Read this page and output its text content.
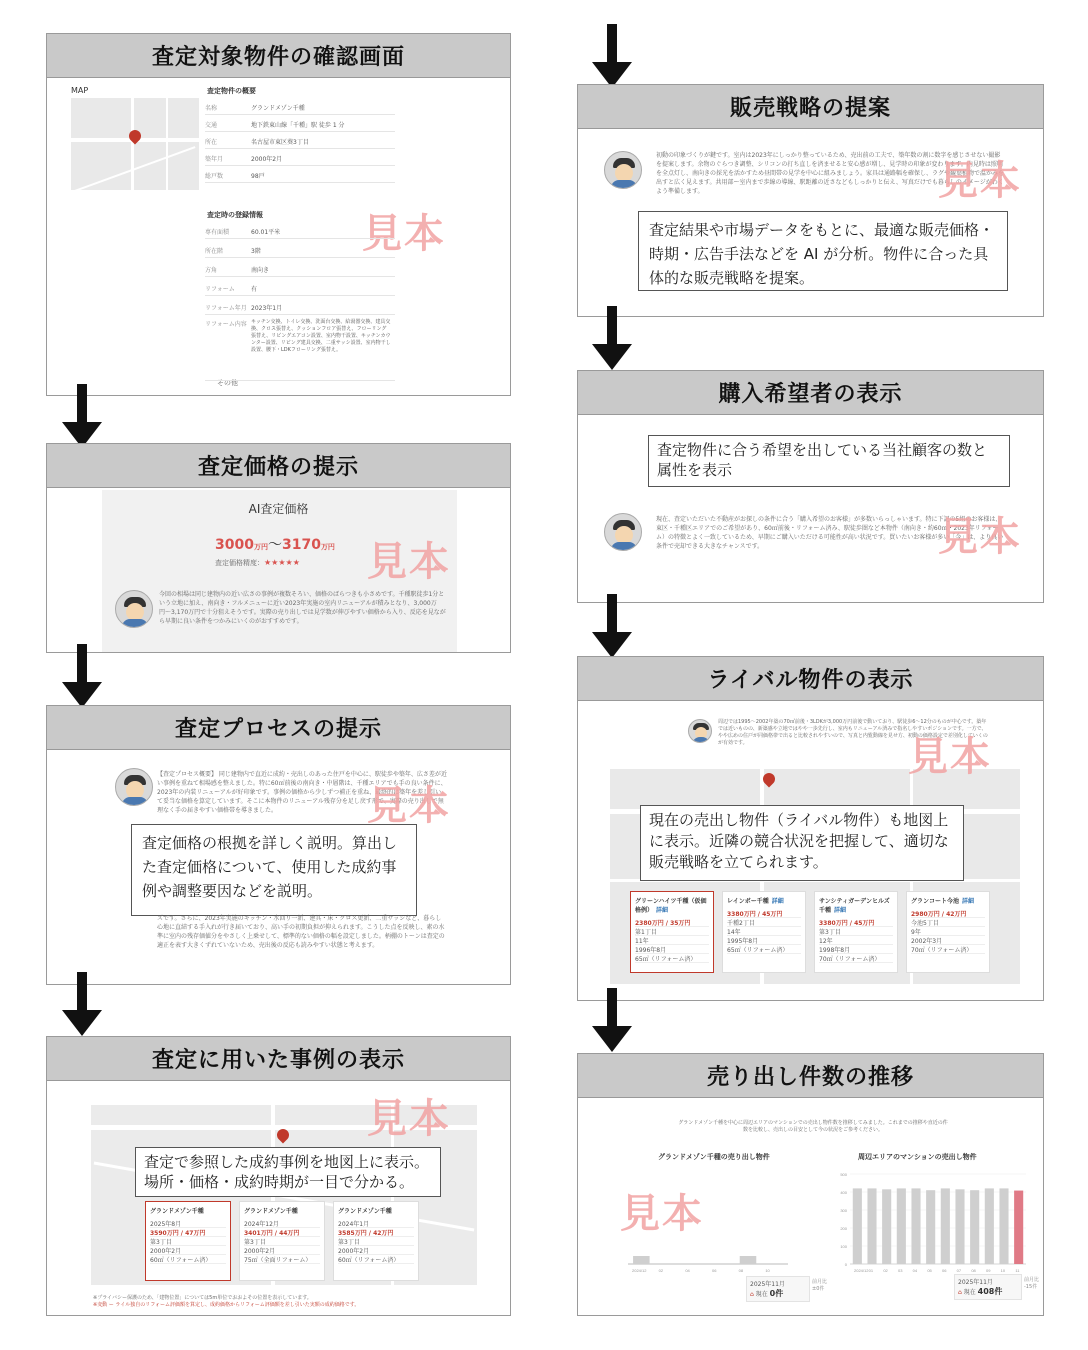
査定対象物件の確認画面
MAP	査定物件の概要
査定時の登録情報
その他
見本
名称	グランドメゾン千種
交通	地下鉄東山線「千種」駅 徒歩 1 分
所在	名古屋市東区葵3丁目
築年月	2000年2月
総戸数	98戸
専有面積	60.01平米
所在階	3階
方角	南向き
リフォーム	有
リフォーム年月 2023年1月
リフォーム内容 キッチン交換、トイレ交換、洗面台交換、給湯器交換、建具交換、クロス張替え、クッションフロア張替え、フローリング張替え、リビングエアコン設置、室内物干設置、キッチンカウンター設置、リビング建具交換、二重サッシ設置、室内物干し設置、腰下・LDKフローリング張替え。
査定価格の提示
AI査定価格
3000万円〜3170万円
査定価格精度：★★★★★
今回の相場は同じ建物内の近い広さの事例が複数そろい、価格のばらつきも小さめです。千種駅徒歩1分という立地に加え、南向き・フルメニューに近い2023年実施の室内リニューアルが積みとなり、3,000万円〜3,170万円で十分狙えそうです。実際の売り出しでは見学数が伸びやすい価格から入り、反応を見ながら早期に良い条件をつかみにいくのがおすすめです。
見本
査定プロセスの提示
【査定プロセス概要】 同じ建物内で直近に成約・売出しのあった住戸を中心に、駅徒歩や築年、広さ差が近い事例を重ねて相場感を整えました。特に60㎡前後の南向き・中層階は、千種エリアでも手の良い条件に、2023年の内装リニューアルが好印象です。事例の価格から少しずつ補正を重ね、最終的に築年を差し引いて妥当な価格を算定しています。そこに本物件のリニューアル残存分を足し戻す形で、実際の売り出しで無理なく手の届きやすい価格帯を導きました。
査定価格の根拠を詳しく説明。算出した査定価格について、使用した成約事例や調整要因などを説明。
ズです。さらに、2023年実施のキッチン・水回り一新、建具・床・クロス更新、二重サッシなど、暮らし心地に直結する手入れが行き届いており、高い手の初期負担が抑えられます。こうした点を反映し、素の水準に室内の残存価値分をやさしく上乗せして、標準的ない価格の幅を設定しました。柄棚のトーンは査定の適正を表す大きくずれていないため、売出後の反応も読みやすい状態と考えます。
見本
査定に用いた事例の表示
査定で参照した成約事例を地図上に表示。場所・価格・成約時期が一目で分かる。
※プライバシー保護のため、「建物位置」については5m単位でおおよその位置を表示しています。
※変動 ー ライル独自のリフォーム評価額を算定し、成約価格からリフォーム評価額を差し引いた実額の成約価格です。
見本
グランドメゾン千種
2025年8月
3590万円 / 47万円
第3丁目
2000年2月
60㎡（リフォーム済）
グランドメゾン千種
2024年12月
3401万円 / 44万円
第3丁目
2000年2月
75㎡（全面リフォーム）
グランドメゾン千種
2024年1月
3585万円 / 42万円
第3丁目
2000年2月
60㎡（リフォーム済）
販売戦略の提案
初動の印象づくりが鍵です。室内は2023年にしっかり整っているため、売出前の工夫で、築年数の割に数字を感じさせない撮影を提案します。余物のぐらつき調整、シリコンの打ち直しを済ませると安心感が増し、見学時の印象が変わります。内見時は照明を全点灯し、南向きの採光を活かすため昼間帯の見学を中心に組みましょう。家具は通路幅を確保し、ラグや観葉植物で温かみを出すと広く見えます。共用部ー室内まで歩線の導線、駅距離の近さなどもしっかりと伝え、写真だけでも暮らしのイメージがわくよう準備します。
査定結果や市場データをもとに、最適な販売価格・時期・広告手法などを AI が分析。物件に合った具体的な販売戦略を提案。
見本
購入希望者の表示
査定物件に合う希望を出している当社顧客の数と属性を表示
現在、査定いただいた不動産がお探しの条件に合う「購入希望のお客様」が多数いらっしゃいます。特に下記の5組のお客様は、東区・千種区エリアでのご希望があり、60㎡前後・リフォーム済み、駅徒歩圏など本物件（南向き・約60㎡・2023年リフォーム）の特徴とよく一致しているため、早期にご購入いただける可能性が高い状況です。買いたいお客様が多い「今」は、より良い条件で売却できる大きなチャンスです。	見本
ライバル物件の表示
周辺では1995〜2002年築の70㎡前後・3LDKが3,000万円前後で動いており、駅徒歩6〜12分のものが中心です。築年では近いものの、新築感や立地ではやや一歩先行し、室内もリニューアル済みで指名しやすいポジションです。一方で、やや広めの住戸が同価格帯で出ると比較されやすいので、写真と内覧動線を見せ方、初動の価格設定で差別化していくのが有効です。
現在の売出し物件（ライバル物件）も地図上に表示。近隣の競合状況を把握して、適切な販売戦略を立てられます。
見本
グリーンハイツ千種（仮価格例） 詳細
2380万円 / 35万円
第1丁目
11年
1996年8月
65㎡（リフォーム済）
レインボー千種 詳細
3380万円 / 45万円
千種2丁目
14年
1995年8月
65㎡（リフォーム済）
サンシティガーデンヒルズ千種 詳細
3380万円 / 45万円
第3丁目
12年
1998年8月
70㎡（リフォーム済）
グランコート今池 詳細
2980万円 / 42万円
今池5丁目
9年
2002年3月
70㎡（リフォーム済）
売り出し件数の推移
グランドメゾン千種を中心に周辺エリアのマンションでの売出し物件数を推移してみました。これまでの推移や直近の件数を比較し、売出しの目安として今の状況をご参考ください。
グランドメゾン千種の売り出し物件	周辺エリアのマンションの売出し物件
2024/12	02	04	06	08	10
0
100
200
300
400
500
2024/12 01	02	03	04	05	06	07	08	09	10	11
2025年11月
⌂ 現在 0件
前月比 ±0件
2025年11月
⌂ 現在 408件
前月比 -15件
見本
